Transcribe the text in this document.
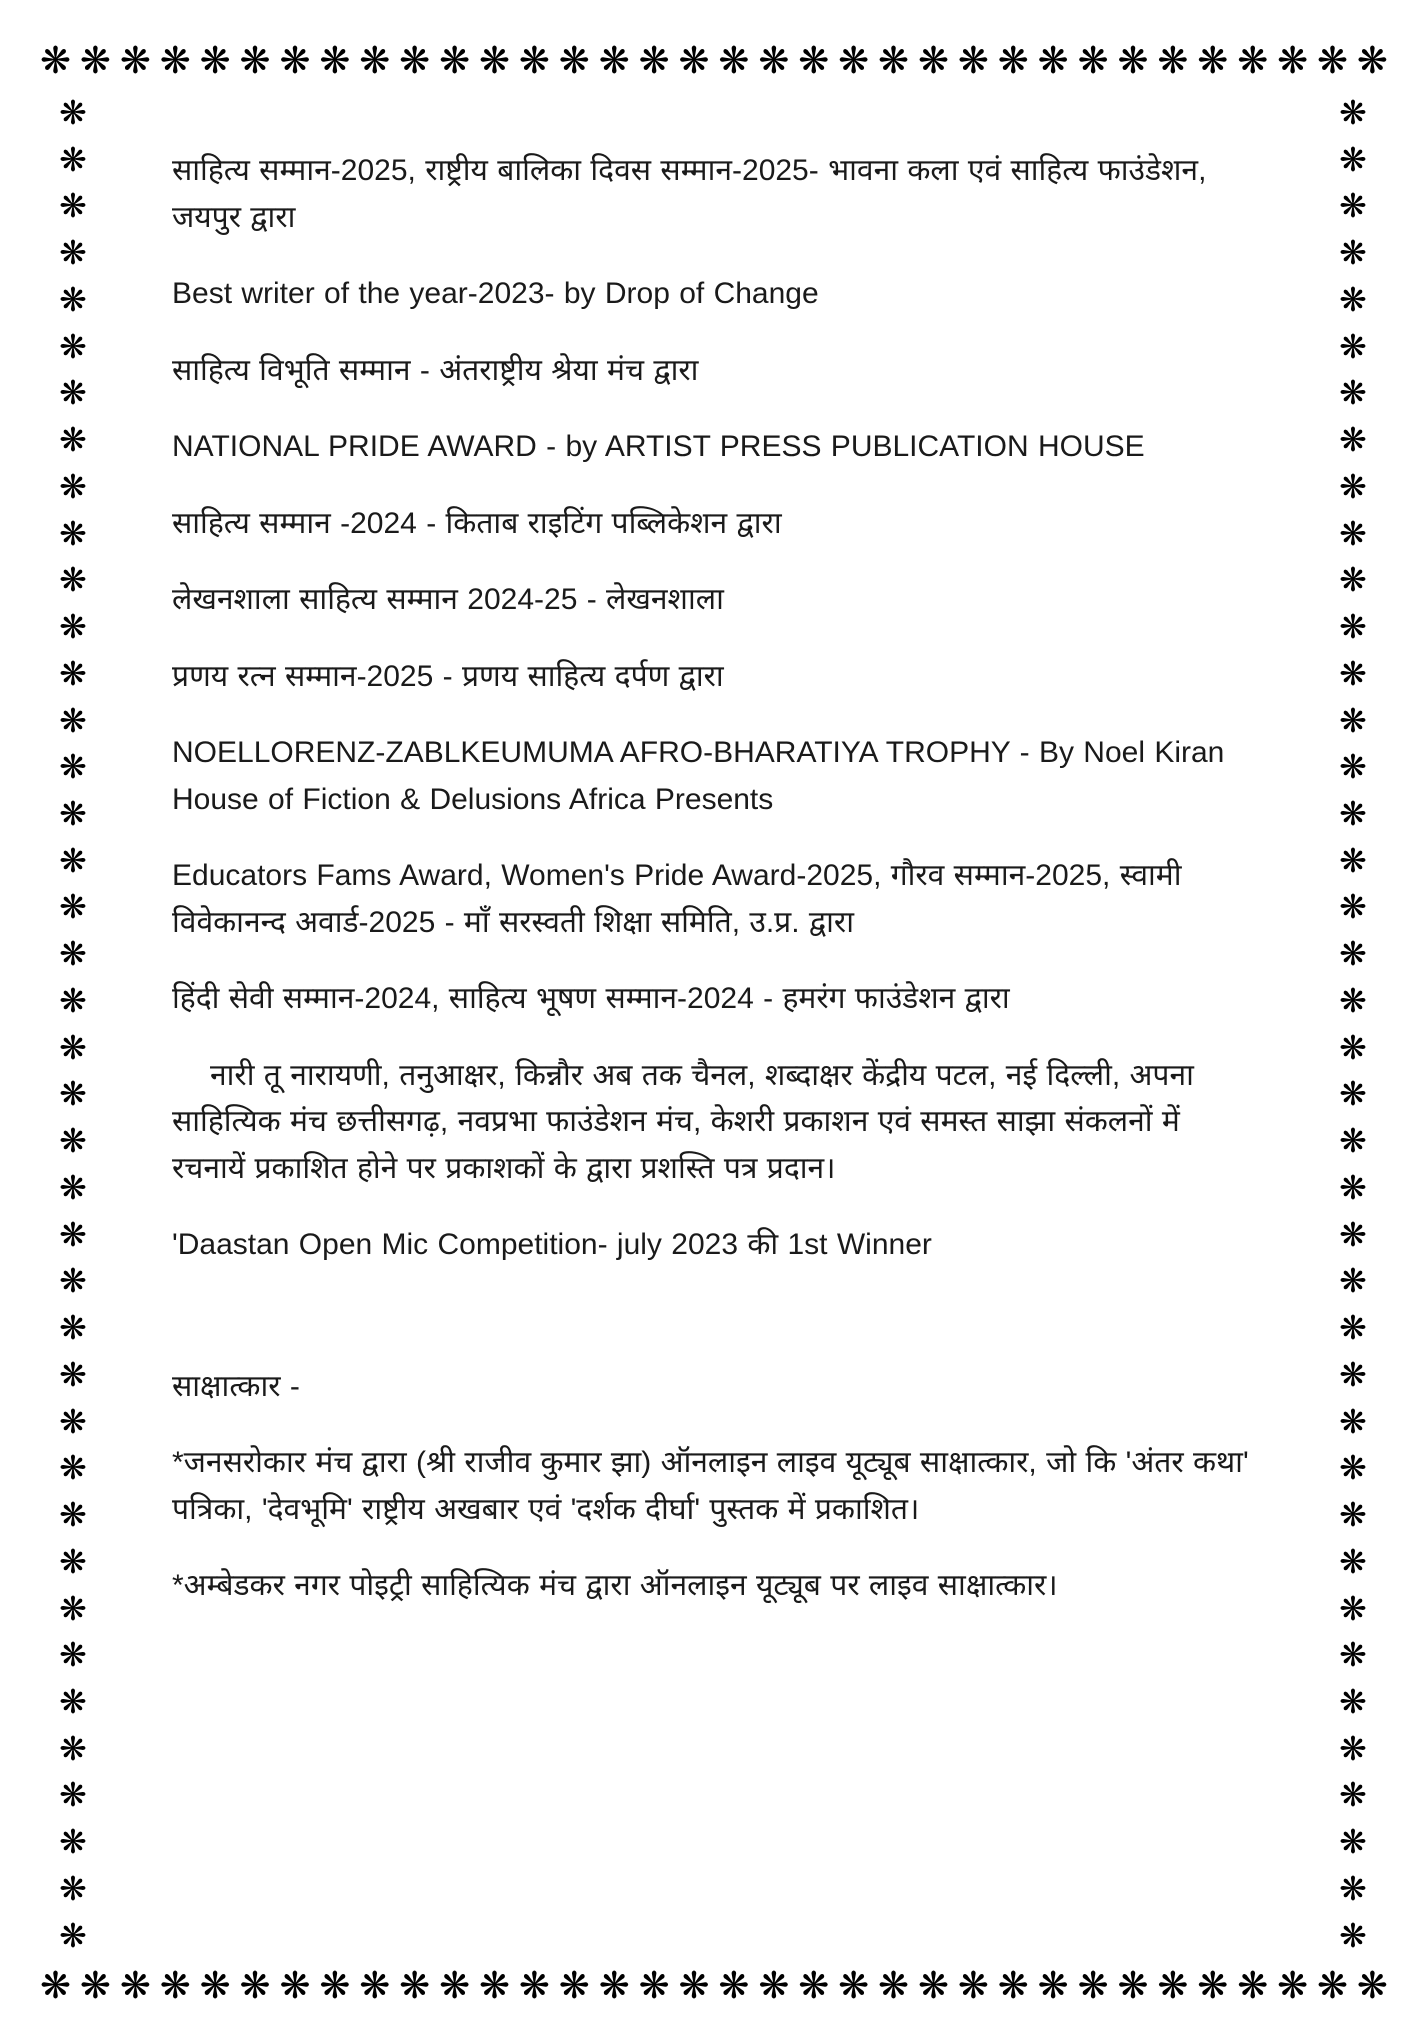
❋ ❋ ❋ ❋ ❋ ❋ ❋ ❋ ❋ ❋ ❋ ❋ ❋ ❋ ❋ ❋ ❋ ❋ ❋ ❋ ❋ ❋ ❋ ❋ ❋ ❋ ❋ ❋ ❋ ❋ ❋ ❋ ❋ ❋
❋
❋
❋
❋
❋
❋
❋
❋
❋
❋
❋
❋
❋
❋
❋
❋
❋
❋
❋
❋
❋
❋
❋
❋
❋
❋
❋
❋
❋
❋
❋
❋
❋
❋
❋
❋
❋
❋
❋
❋
❋
❋
❋
❋
❋
❋
❋
❋
❋
❋
❋
❋
❋
❋
❋
❋
❋
❋
❋
❋
❋
❋
❋
❋
❋
❋
❋
❋
❋
❋
❋
❋
❋
❋
❋
❋
❋
❋
❋
❋
❋ ❋ ❋ ❋ ❋ ❋ ❋ ❋ ❋ ❋ ❋ ❋ ❋ ❋ ❋ ❋ ❋ ❋ ❋ ❋ ❋ ❋ ❋ ❋ ❋ ❋ ❋ ❋ ❋ ❋ ❋ ❋ ❋ ❋

साहित्य सम्मान-2025, राष्ट्रीय बालिका दिवस सम्मान-2025- भावना कला एवं साहित्य फाउंडेशन, जयपुर द्वारा

Best writer of the year-2023- by Drop of Change

साहित्य विभूति सम्मान - अंतराष्ट्रीय श्रेया मंच द्वारा

NATIONAL PRIDE AWARD - by ARTIST PRESS PUBLICATION HOUSE

साहित्य सम्मान -2024 - किताब राइटिंग पब्लिकेशन द्वारा

लेखनशाला साहित्य सम्मान 2024-25 - लेखनशाला

प्रणय रत्न सम्मान-2025 - प्रणय साहित्य दर्पण द्वारा

NOELLORENZ-ZABLKEUMUMA AFRO-BHARATIYA TROPHY - By Noel Kiran House of Fiction & Delusions Africa Presents

Educators Fams Award, Women's Pride Award-2025, गौरव सम्मान-2025, स्वामी विवेकानन्द अवार्ड-2025 - माँ सरस्वती शिक्षा समिति, उ.प्र. द्वारा

हिंदी सेवी सम्मान-2024, साहित्य भूषण सम्मान-2024 - हमरंग फाउंडेशन द्वारा

नारी तू नारायणी, तनुआक्षर, किन्नौर अब तक चैनल, शब्दाक्षर केंद्रीय पटल, नई दिल्ली, अपना साहित्यिक मंच छत्तीसगढ़, नवप्रभा फाउंडेशन मंच, केशरी प्रकाशन एवं समस्त साझा संकलनों में रचनायें प्रकाशित होने पर प्रकाशकों के द्वारा प्रशस्ति पत्र प्रदान।

'Daastan Open Mic Competition- july 2023 की 1st Winner

साक्षात्कार -

*जनसरोकार मंच द्वारा (श्री राजीव कुमार झा) ऑनलाइन लाइव यूट्यूब साक्षात्कार, जो कि 'अंतर कथा' पत्रिका, 'देवभूमि' राष्ट्रीय अखबार एवं 'दर्शक दीर्घा' पुस्तक में प्रकाशित।

*अम्बेडकर नगर पोइट्री साहित्यिक मंच द्वारा ऑनलाइन यूट्यूब पर लाइव साक्षात्कार।
